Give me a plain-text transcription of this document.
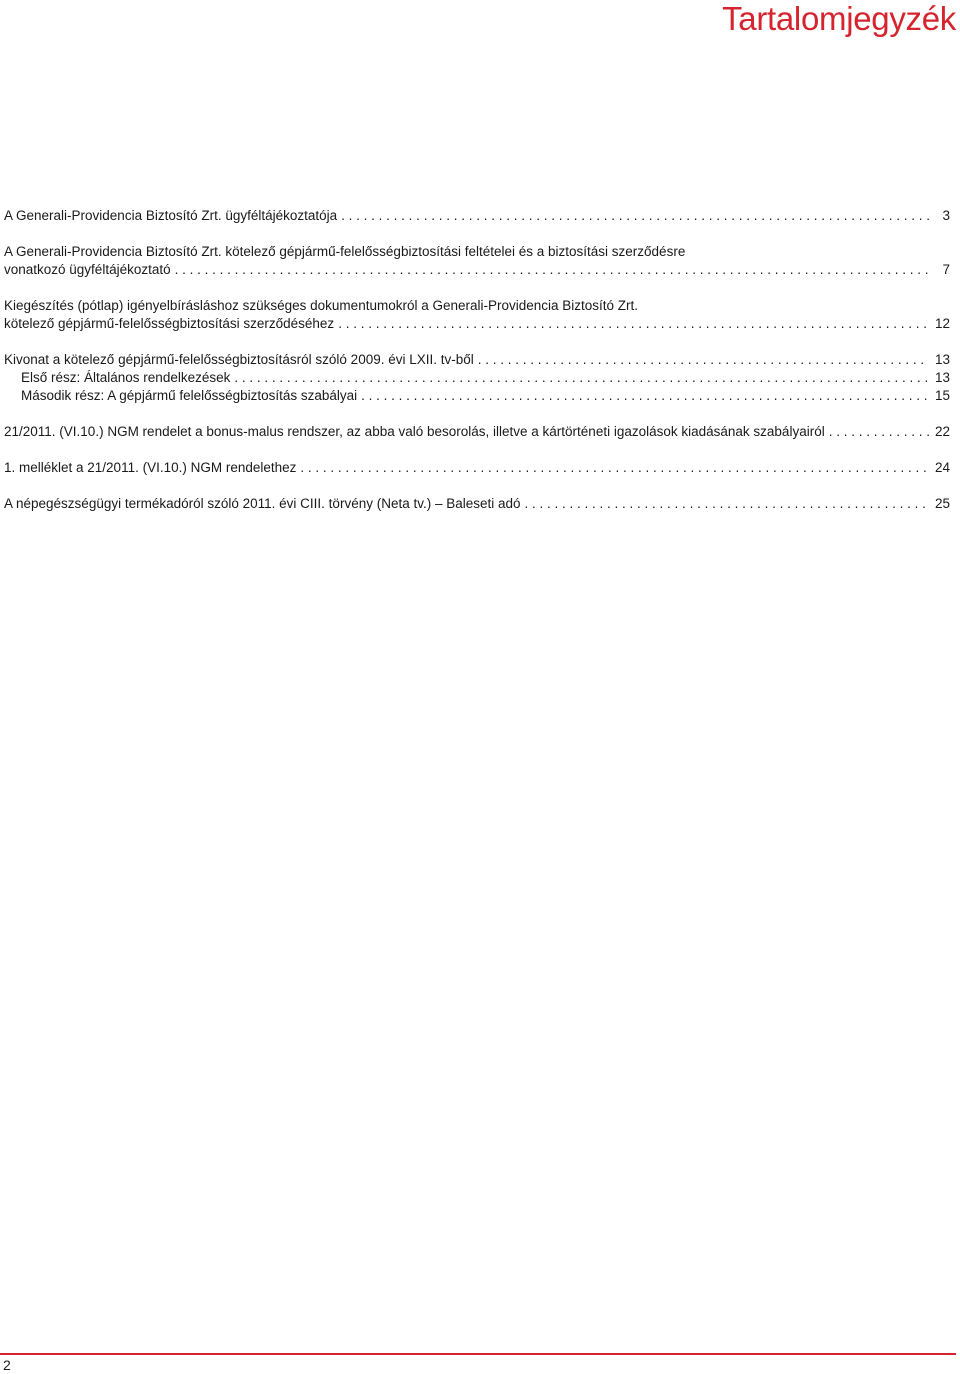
Tartalomjegyzék
A Generali-Providencia Biztosító Zrt. ügyféltájékoztatója . . .	3
A Generali-Providencia Biztosító Zrt. kötelező gépjármű-felelősségbiztosítási feltételei és a biztosítási szerződésre
vonatkozó ügyféltájékoztató . . .	7
Kiegészítés (pótlap) igényelbírásláshoz szükséges dokumentumokról a Generali-Providencia Biztosító Zrt.
kötelező gépjármű-felelősségbiztosítási szerződéséhez . . .	12
Kivonat a kötelező gépjármű-felelősségbiztosításról szóló 2009. évi LXII. tv-ből . . .	13
Első rész: Általános rendelkezések . . .	13
Második rész: A gépjármű felelősségbiztosítás szabályai . . .	15
21/2011. (VI.10.) NGM rendelet a bonus-malus rendszer, az abba való besorolás, illetve a kártörténeti igazolások kiadásának szabályairól . . .	22
1. melléklet a 21/2011. (VI.10.) NGM rendelethez . . .	24
A népegészségügyi termékadóról szóló 2011. évi CIII. törvény (Neta tv.) – Baleseti adó . . .	25
2
